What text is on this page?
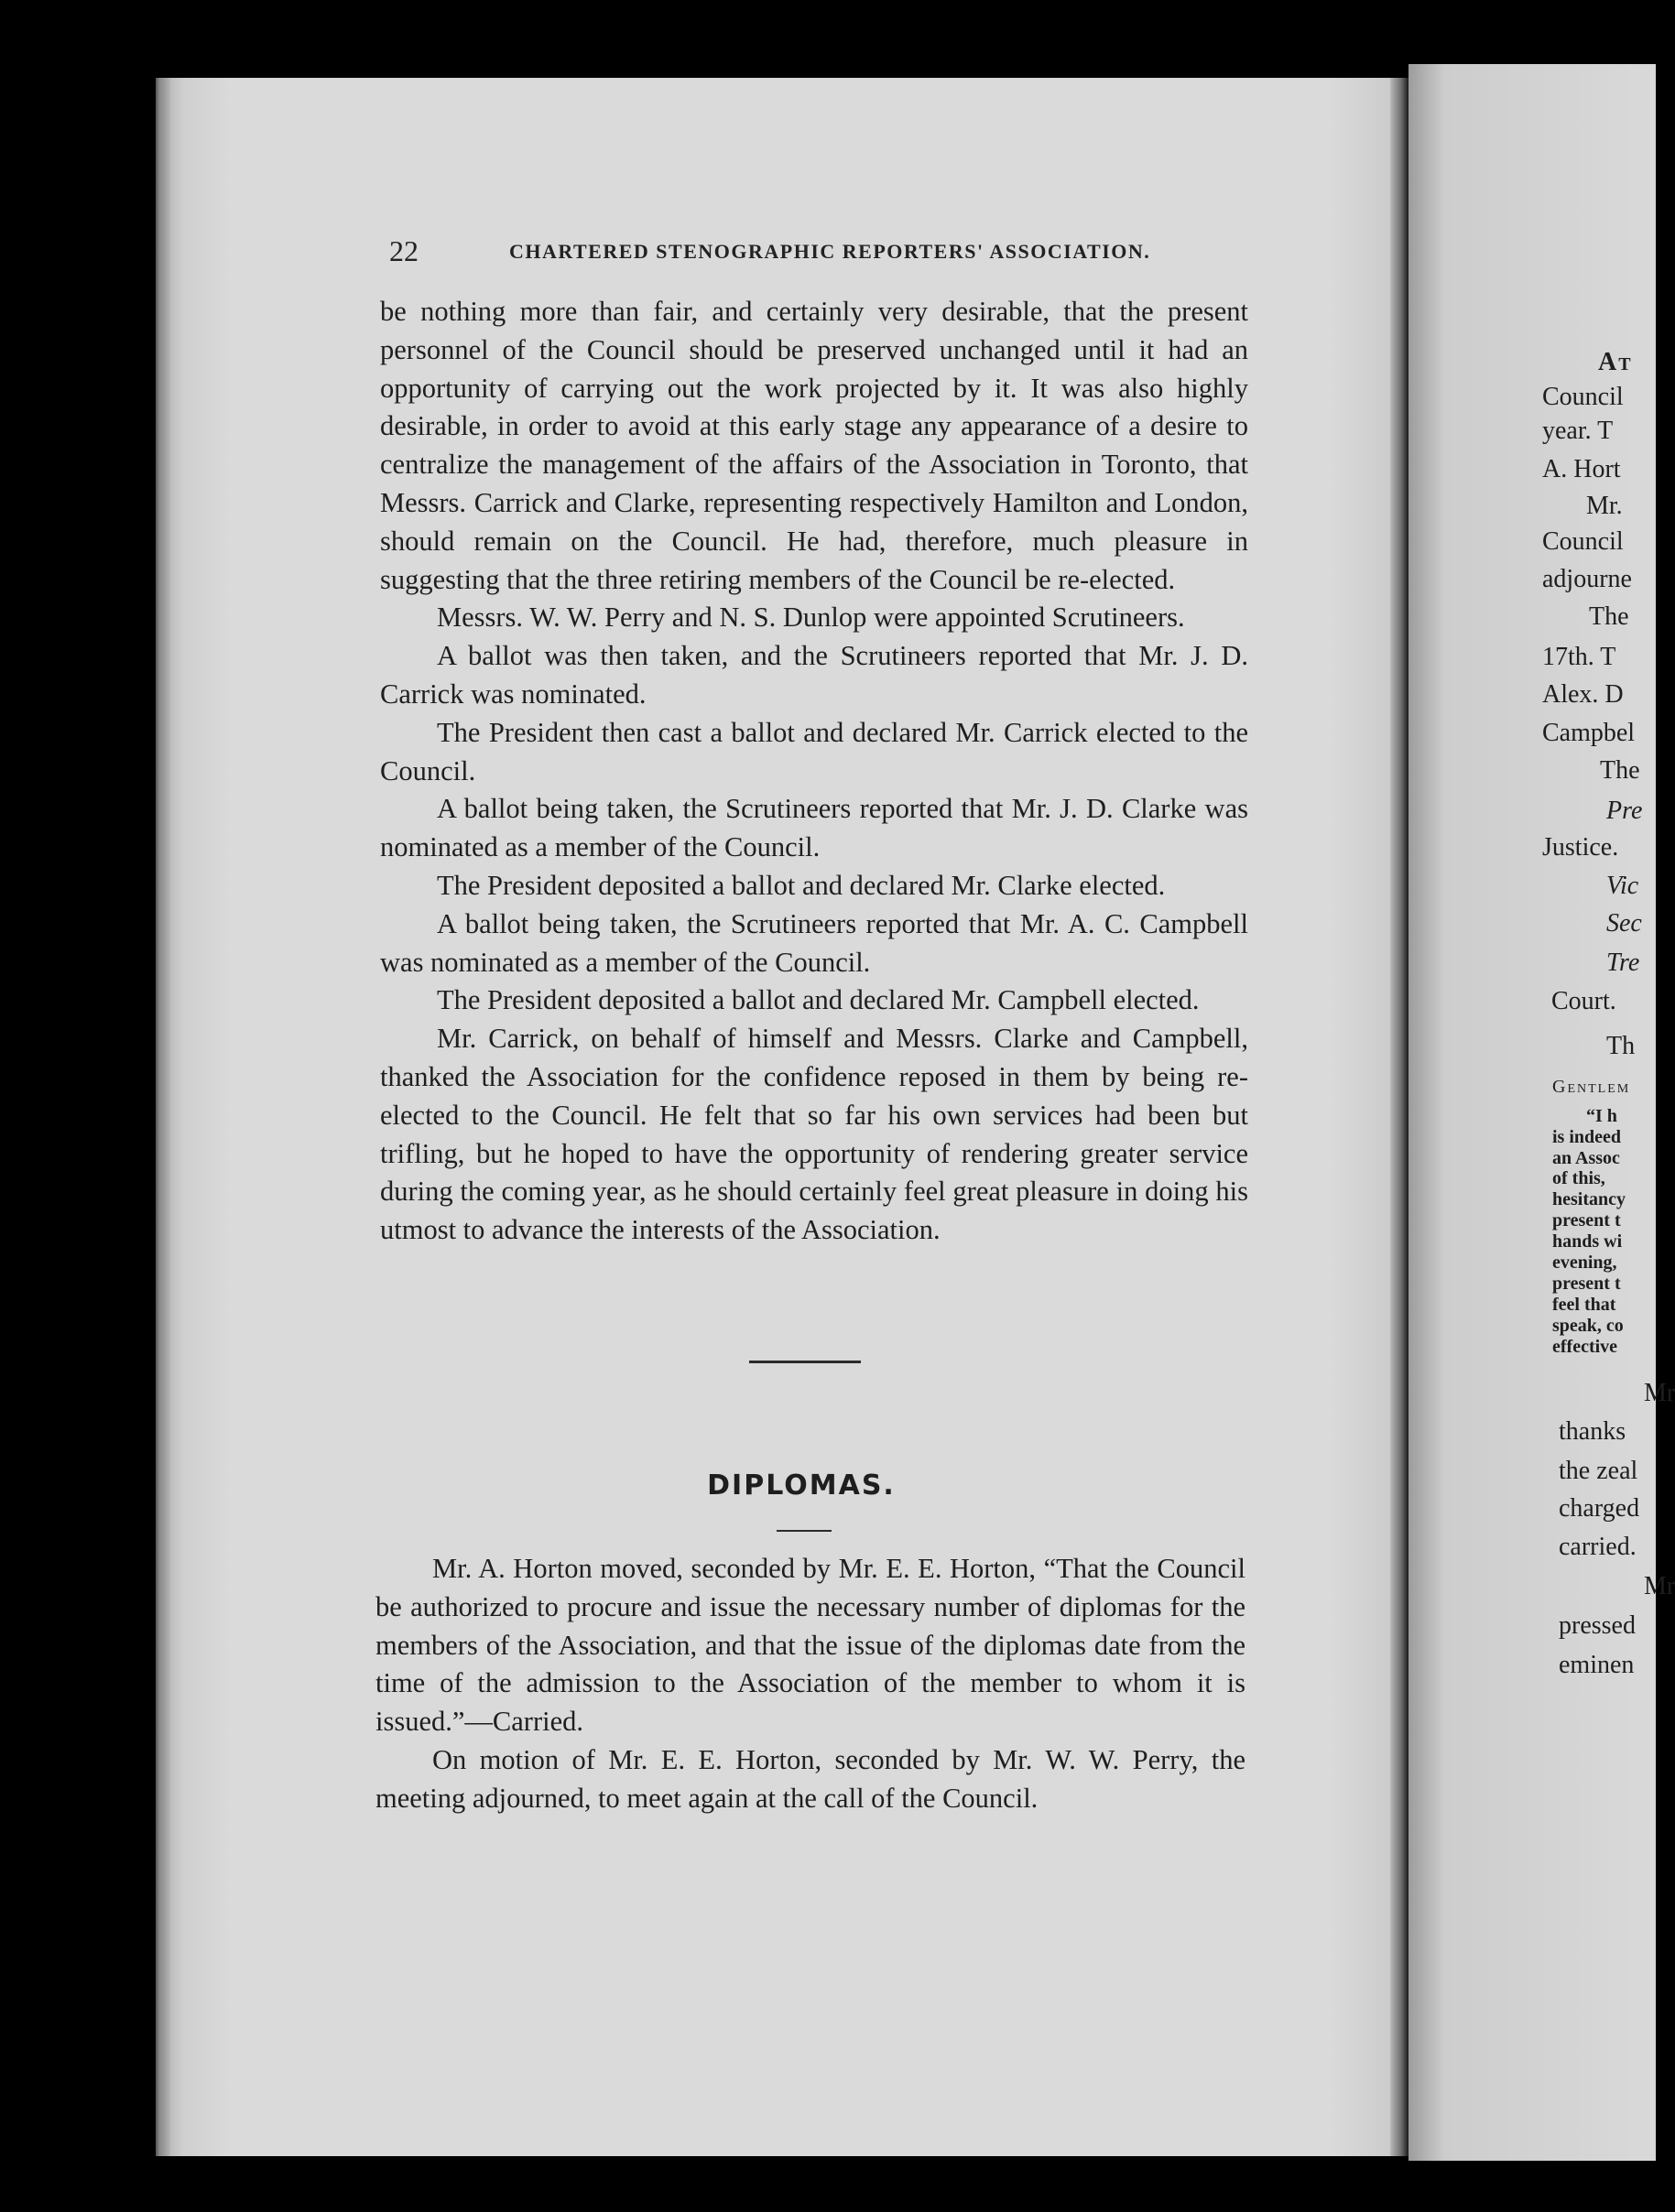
22	CHARTERED STENOGRAPHIC REPORTERS' ASSOCIATION.

be nothing more than fair, and certainly very desirable, that the present personnel of the Council should be preserved unchanged until it had an opportunity of carrying out the work projected by it. It was also highly desirable, in order to avoid at this early stage any appearance of a desire to centralize the management of the affairs of the Association in Toronto, that Messrs. Carrick and Clarke, representing respectively Hamilton and London, should remain on the Council. He had, therefore, much pleasure in suggesting that the three retiring members of the Council be re-elected.

Messrs. W. W. Perry and N. S. Dunlop were appointed Scrutineers.

A ballot was then taken, and the Scrutineers reported that Mr. J. D. Carrick was nominated.

The President then cast a ballot and declared Mr. Carrick elected to the Council.

A ballot being taken, the Scrutineers reported that Mr. J. D. Clarke was nominated as a member of the Council.

The President deposited a ballot and declared Mr. Clarke elected.

A ballot being taken, the Scrutineers reported that Mr. A. C. Campbell was nominated as a member of the Council.

The President deposited a ballot and declared Mr. Campbell elected.

Mr. Carrick, on behalf of himself and Messrs. Clarke and Campbell, thanked the Association for the confidence reposed in them by being re-elected to the Council. He felt that so far his own services had been but trifling, but he hoped to have the opportunity of rendering greater service during the coming year, as he should certainly feel great pleasure in doing his utmost to advance the interests of the Association.

DIPLOMAS.

Mr. A. Horton moved, seconded by Mr. E. E. Horton, “That the Council be authorized to procure and issue the necessary number of diplomas for the members of the Association, and that the issue of the diplomas date from the time of the admission to the Association of the member to whom it is issued.”—Carried.

On motion of Mr. E. E. Horton, seconded by Mr. W. W. Perry, the meeting adjourned, to meet again at the call of the Council.

At
Council
year. T
A. Hort
Mr.
Council
adjourne
The
17th. T
Alex. D
Campbel
The
Pre
Justice.
Vic
Sec
Tre
Court.
Th
Gentlem
“I h
is indeed
an Assoc
of this,
hesitancy
present t
hands wi
evening,
present t
feel that
speak, co
effective
Mr
thanks
the zeal
charged
carried.
Mr
pressed
eminen
